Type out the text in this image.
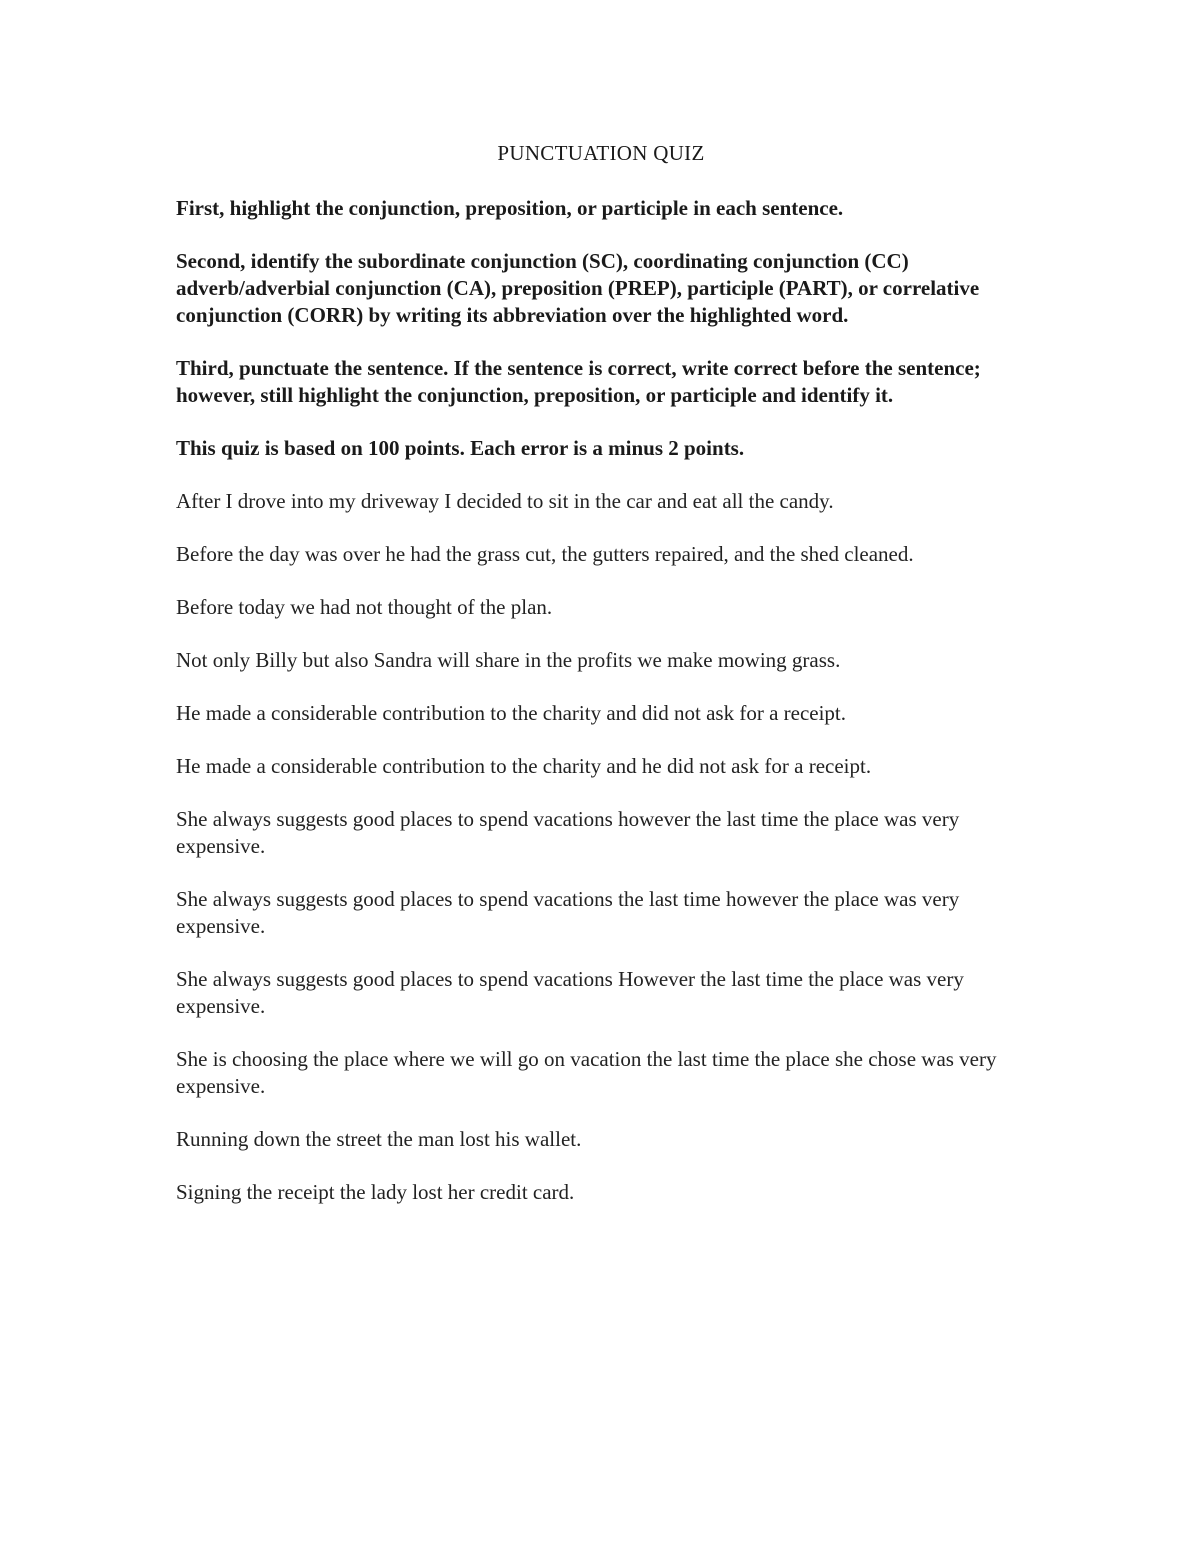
PUNCTUATION QUIZ

First, highlight the conjunction, preposition, or participle in each sentence.

Second, identify the subordinate conjunction (SC), coordinating conjunction (CC) adverb/adverbial conjunction (CA), preposition (PREP), participle (PART), or correlative conjunction (CORR) by writing its abbreviation over the highlighted word.

Third, punctuate the sentence. If the sentence is correct, write correct before the sentence; however, still highlight the conjunction, preposition, or participle and identify it.

This quiz is based on 100 points. Each error is a minus 2 points.

After I drove into my driveway I decided to sit in the car and eat all the candy.

Before the day was over he had the grass cut, the gutters repaired, and the shed cleaned.

Before today we had not thought of the plan.

Not only Billy but also Sandra will share in the profits we make mowing grass.

He made a considerable contribution to the charity and did not ask for a receipt.

He made a considerable contribution to the charity and he did not ask for a receipt.

She always suggests good places to spend vacations however the last time the place was very expensive.

She always suggests good places to spend vacations the last time however the place was very expensive.

She always suggests good places to spend vacations However the last time the place was very expensive.

She is choosing the place where we will go on vacation the last time the place she chose was very expensive.

Running down the street the man lost his wallet.

Signing the receipt the lady lost her credit card.
